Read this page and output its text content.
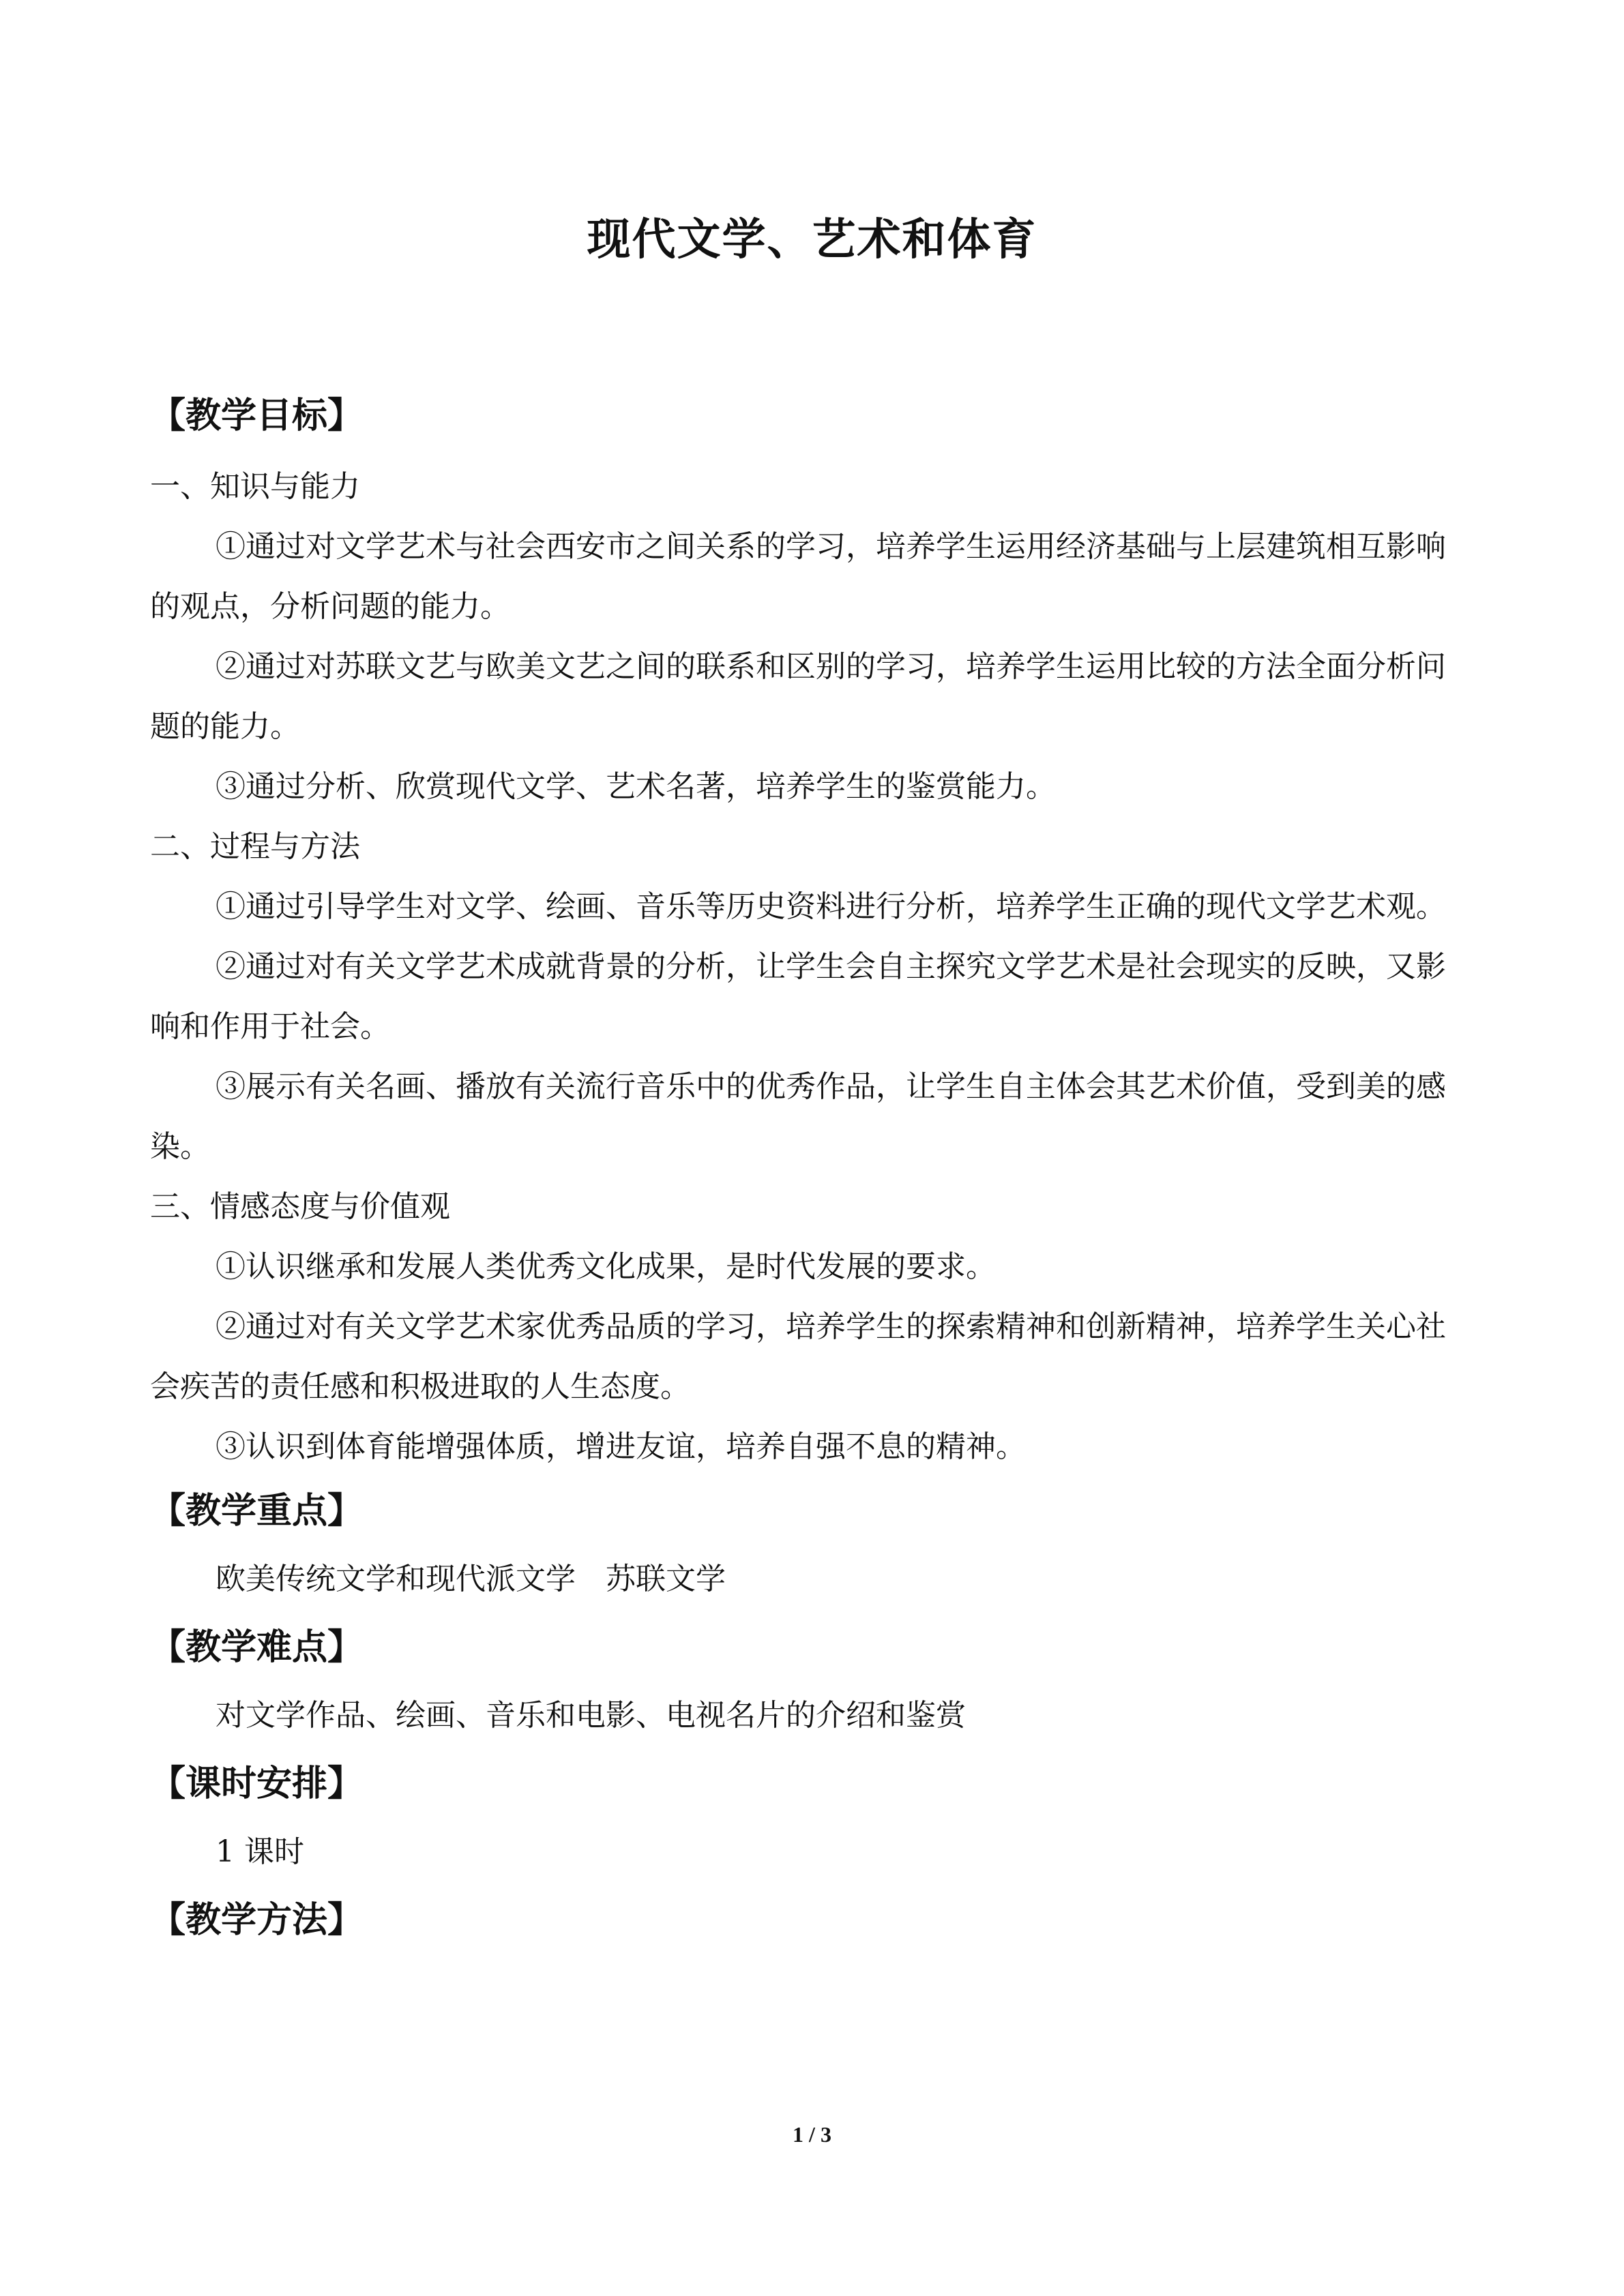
现代文学、艺术和体育
【教学目标】
一、知识与能力

①通过对文学艺术与社会西安市之间关系的学习，培养学生运用经济基础与上层建筑相互影响的观点，分析问题的能力。

②通过对苏联文艺与欧美文艺之间的联系和区别的学习，培养学生运用比较的方法全面分析问题的能力。

③通过分析、欣赏现代文学、艺术名著，培养学生的鉴赏能力。

二、过程与方法

①通过引导学生对文学、绘画、音乐等历史资料进行分析，培养学生正确的现代文学艺术观。

②通过对有关文学艺术成就背景的分析，让学生会自主探究文学艺术是社会现实的反映，又影响和作用于社会。

③展示有关名画、播放有关流行音乐中的优秀作品，让学生自主体会其艺术价值，受到美的感染。

三、情感态度与价值观

①认识继承和发展人类优秀文化成果，是时代发展的要求。

②通过对有关文学艺术家优秀品质的学习，培养学生的探索精神和创新精神，培养学生关心社会疾苦的责任感和积极进取的人生态度。

③认识到体育能增强体质，增进友谊，培养自强不息的精神。

【教学重点】

欧美传统文学和现代派文学　苏联文学

【教学难点】

对文学作品、绘画、音乐和电影、电视名片的介绍和鉴赏

【课时安排】

1 课时

【教学方法】
1 / 3
